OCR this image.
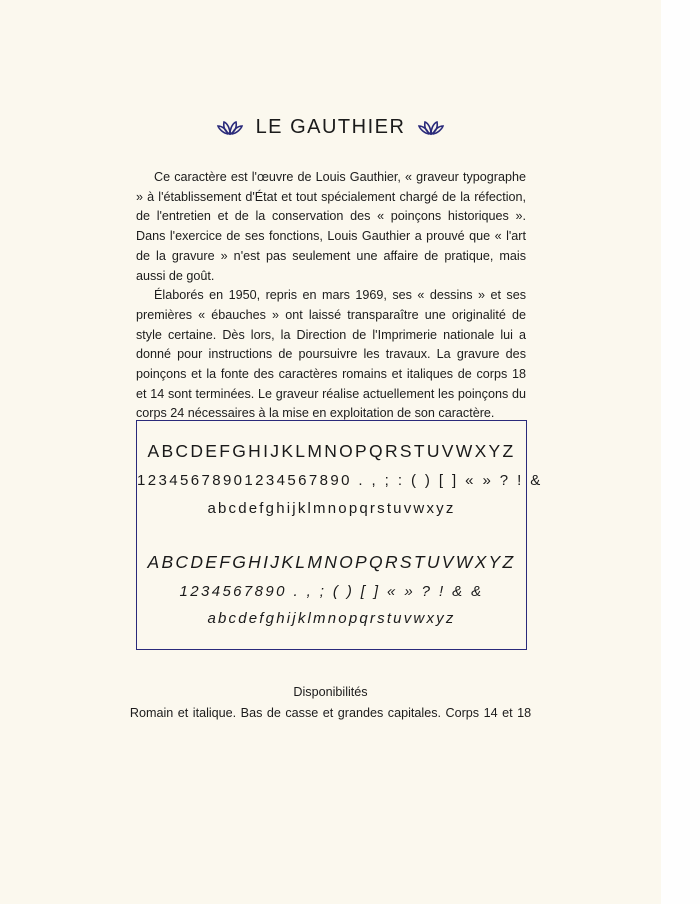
LE GAUTHIER

Ce caractère est l'œuvre de Louis Gauthier, « graveur typographe » à l'établissement d'État et tout spécialement chargé de la réfection, de l'entretien et de la conservation des « poinçons historiques ». Dans l'exercice de ses fonctions, Louis Gauthier a prouvé que « l'art de la gravure » n'est pas seulement une affaire de pratique, mais aussi de goût.

Élaborés en 1950, repris en mars 1969, ses « dessins » et ses premières « ébauches » ont laissé transparaître une originalité de style certaine. Dès lors, la Direction de l'Imprimerie nationale lui a donné pour instructions de poursuivre les travaux. La gravure des poinçons et la fonte des caractères romains et italiques de corps 18 et 14 sont terminées. Le graveur réalise actuellement les poinçons du corps 24 nécessaires à la mise en exploitation de son caractère.

ABCDEFGHIJKLMNOPQRSTUVWXYZ
12345678901234567890 . , ; : ( ) [ ] « » ? ! &
abcdefghijklmnopqrstuvwxyz
ABCDEFGHIJKLMNOPQRSTUVWXYZ
1234567890 . , ; ( ) [ ] « » ? ! & &
abcdefghijklmnopqrstuvwxyz
Disponibilités
Romain et italique. Bas de casse et grandes capitales. Corps 14 et 18
